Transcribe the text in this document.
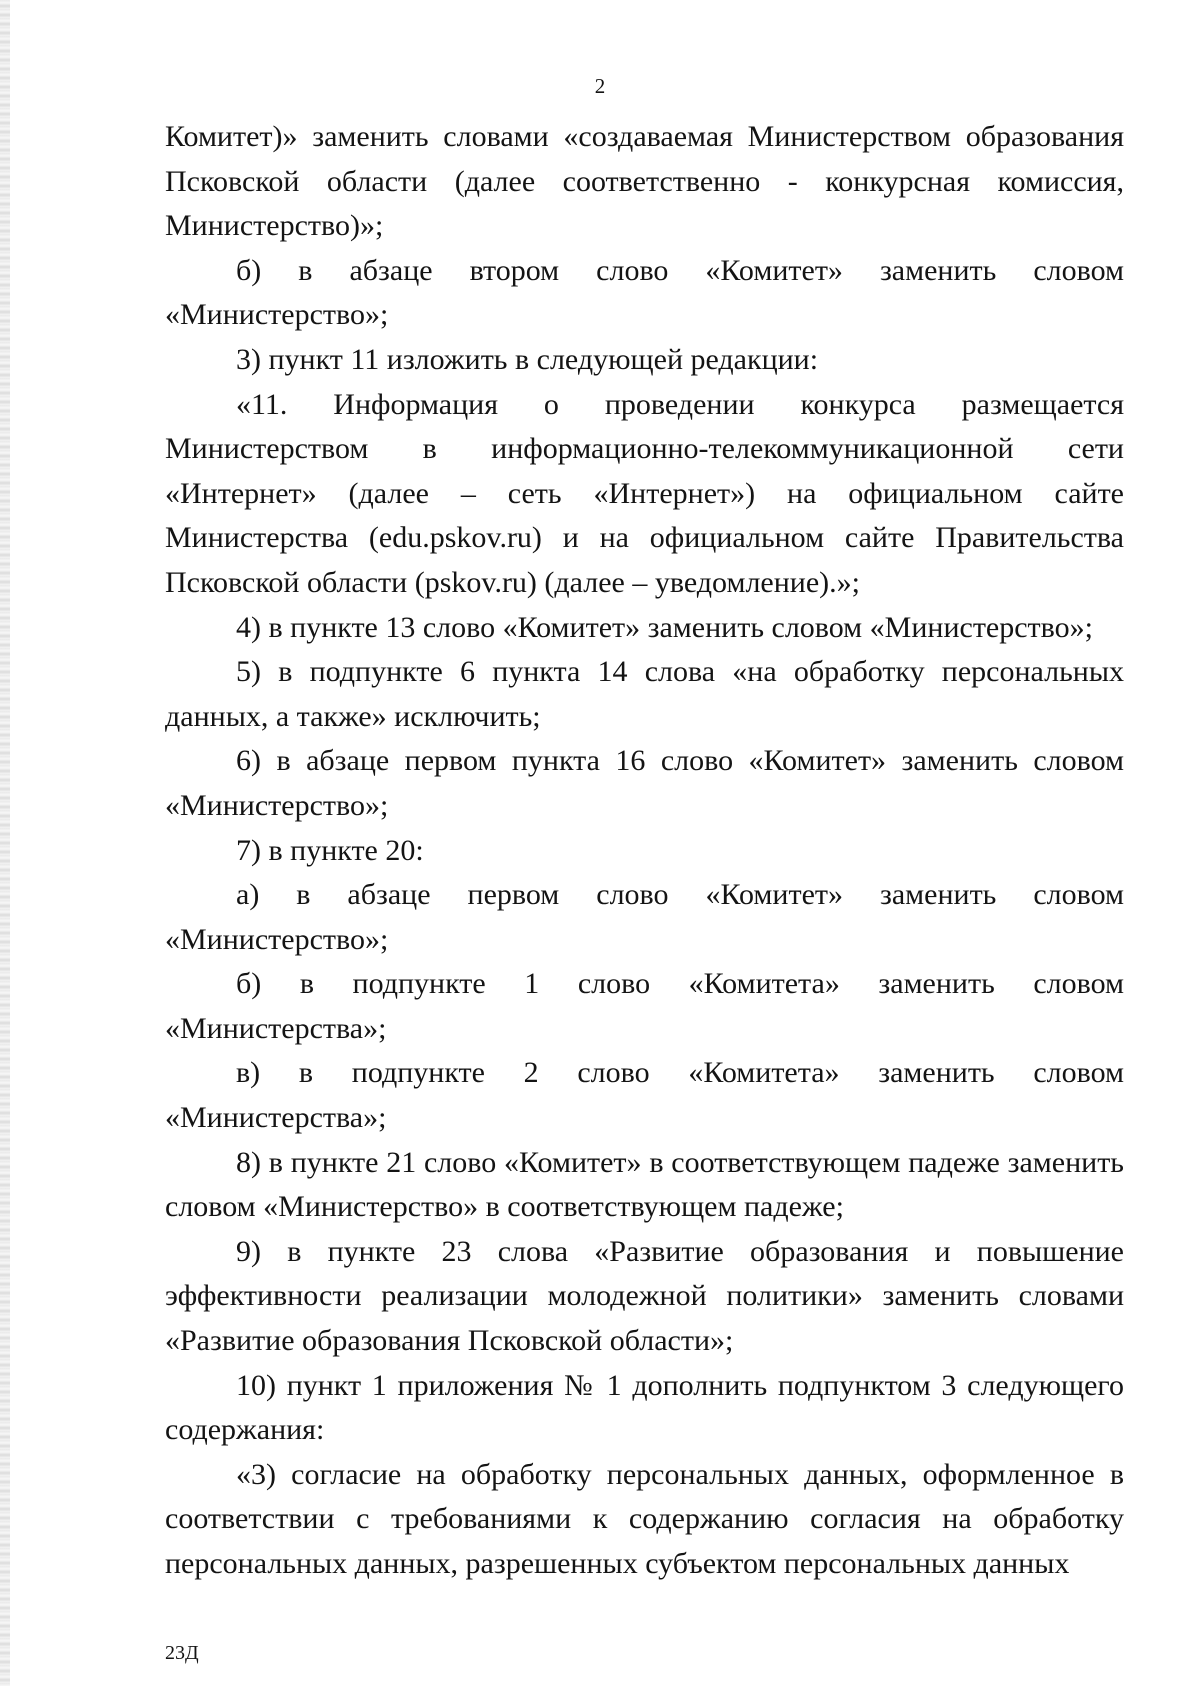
2

Комитет)» заменить словами «создаваемая Министерством образования Псковской области (далее соответственно - конкурсная комиссия, Министерство)»;

б) в абзаце втором слово «Комитет» заменить словом «Министерство»;

3) пункт 11 изложить в следующей редакции:

«11. Информация о проведении конкурса размещается Министерством в информационно-телекоммуникационной сети «Интернет» (далее – сеть «Интернет») на официальном сайте Министерства (edu.pskov.ru) и на официальном сайте Правительства Псковской области (pskov.ru) (далее – уведомление).»;

4) в пункте 13 слово «Комитет» заменить словом «Министерство»;

5) в подпункте 6 пункта 14 слова «на обработку персональных данных, а также» исключить;

6) в абзаце первом пункта 16 слово «Комитет» заменить словом «Министерство»;

7) в пункте 20:

а) в абзаце первом слово «Комитет» заменить словом «Министерство»;

б) в подпункте 1 слово «Комитета» заменить словом «Министерства»;

в) в подпункте 2 слово «Комитета» заменить словом «Министерства»;

8) в пункте 21 слово «Комитет» в соответствующем падеже заменить словом «Министерство» в соответствующем падеже;

9) в пункте 23 слова «Развитие образования и повышение эффективности реализации молодежной политики» заменить словами «Развитие образования Псковской области»;

10) пункт 1 приложения № 1 дополнить подпунктом 3 следующего содержания:

«3) согласие на обработку персональных данных, оформленное в соответствии с требованиями к содержанию согласия на обработку персональных данных, разрешенных субъектом персональных данных

23Д
